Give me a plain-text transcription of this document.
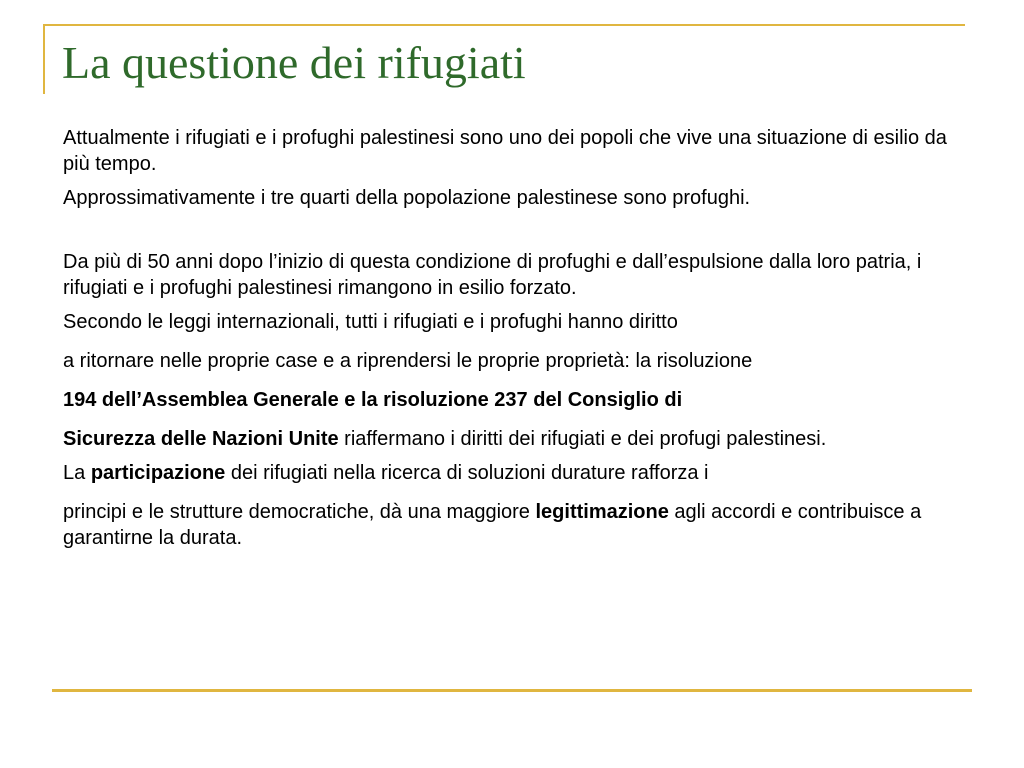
La questione dei rifugiati

Attualmente i rifugiati e i profughi palestinesi sono uno dei popoli che vive una situazione di esilio da più tempo.

Approssimativamente i tre quarti della popolazione palestinese sono profughi.

Da più di 50 anni dopo l’inizio di questa condizione di profughi e dall’espulsione dalla loro patria, i rifugiati e i profughi palestinesi rimangono in esilio forzato.

Secondo le leggi internazionali, tutti i rifugiati e i profughi hanno diritto

a ritornare nelle proprie case e a riprendersi le proprie proprietà: la risoluzione

194 dell’Assemblea Generale e la risoluzione 237 del Consiglio di

Sicurezza delle Nazioni Unite riaffermano i diritti dei rifugiati e dei profugi palestinesi.

La participazione dei rifugiati nella ricerca di soluzioni durature rafforza i

principi e le strutture democratiche, dà una maggiore legittimazione agli accordi e contribuisce a garantirne la durata.
